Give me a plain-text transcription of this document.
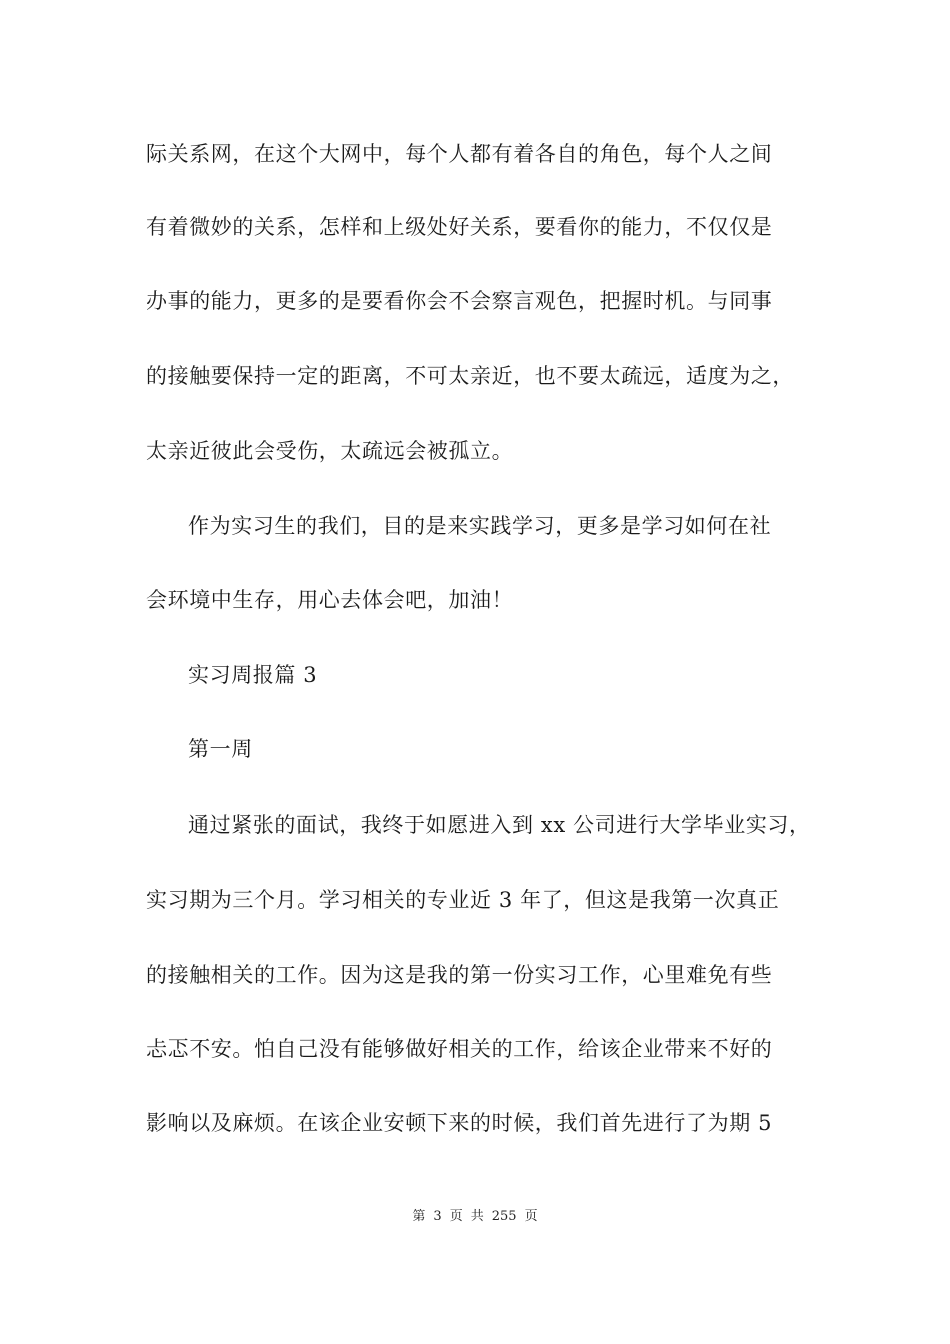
际关系网，在这个大网中，每个人都有着各自的角色，每个人之间
有着微妙的关系，怎样和上级处好关系，要看你的能力，不仅仅是
办事的能力，更多的是要看你会不会察言观色，把握时机。与同事
的接触要保持一定的距离，不可太亲近，也不要太疏远，适度为之，
太亲近彼此会受伤，太疏远会被孤立。
作为实习生的我们，目的是来实践学习，更多是学习如何在社
会环境中生存，用心去体会吧，加油！
实习周报篇 3
第一周
通过紧张的面试，我终于如愿进入到 xx 公司进行大学毕业实习，
实习期为三个月。学习相关的专业近 3 年了，但这是我第一次真正
的接触相关的工作。因为这是我的第一份实习工作，心里难免有些
忐忑不安。怕自己没有能够做好相关的工作，给该企业带来不好的
影响以及麻烦。在该企业安顿下来的时候，我们首先进行了为期 5
第 3 页 共 255 页
